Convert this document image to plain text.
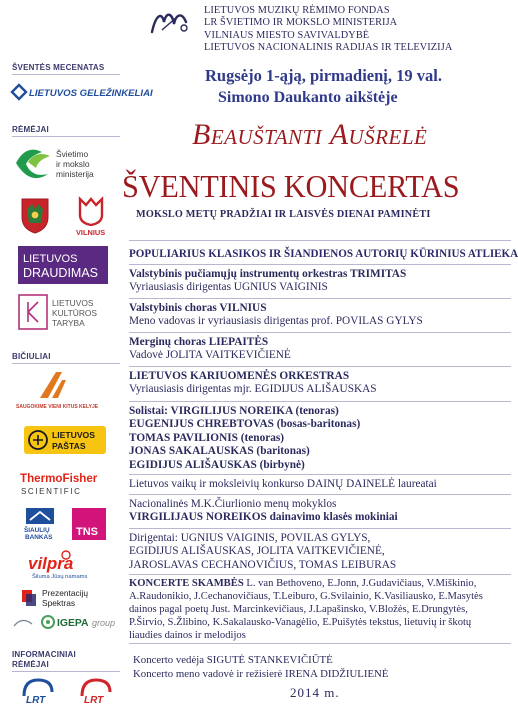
LIETUVOS MUZIKŲ RĖMIMO FONDAS
LR ŠVIETIMO IR MOKSLO MINISTERIJA
VILNIAUS MIESTO SAVIVALDYBĖ
LIETUVOS NACIONALINIS RADIJAS IR TELEVIZIJA
ŠVENTĖS MECENATAS
LIETUVOS GELEŽINKELIAI
RĖMĖJAI
Švietimo
ir mokslo
ministerija
VILNIUS
LIETUVOS
DRAUDIMAS
LIETUVOS
KULTŪROS
TARYBA
BIČIULIAI
SAUGOKIME VIENI KITUS KELYJE
LIETUVOS
PAŠTAS
ThermoFisher
SCIENTIFIC
ŠIAULIŲ
BANKAS TNS
vilpra
Šiluma Jūsų namams
Prezentacijų
Spektras
IGEPA group
INFORMACINIAI
RĖMĖJAI
LRT	LRT
Rugsėjo 1-ąją, pirmadienį, 19 val.
Simono Daukanto aikštėje
Beauštanti Aušrelė
ŠVENTINIS KONCERTAS
MOKSLO METŲ PRADŽIAI IR LAISVĖS DIENAI PAMINĖTI
POPULIARIUS KLASIKOS IR ŠIANDIENOS AUTORIŲ KŪRINIUS ATLIEKA
Valstybinis pučiamųjų instrumentų orkestras TRIMITAS
Vyriausiasis dirigentas UGNIUS VAIGINIS
Valstybinis choras VILNIUS
Meno vadovas ir vyriausiasis dirigentas prof. POVILAS GYLYS
Merginų choras LIEPAITĖS
Vadovė JOLITA VAITKEVIČIENĖ
LIETUVOS KARIUOMENĖS ORKESTRAS
Vyriausiasis dirigentas mjr. EGIDIJUS ALIŠAUSKAS
Solistai: VIRGILIJUS NOREIKA (tenoras)
EUGENIJUS CHREBTOVAS (bosas-baritonas)
TOMAS PAVILIONIS (tenoras)
JONAS SAKALAUSKAS (baritonas)
EGIDIJUS ALIŠAUSKAS (birbynė)
Lietuvos vaikų ir moksleivių konkurso DAINŲ DAINELĖ laureatai
Nacionalinės M.K.Čiurlionio menų mokyklos
VIRGILIJAUS NOREIKOS dainavimo klasės mokiniai
Dirigentai: UGNIUS VAIGINIS, POVILAS GYLYS,
EGIDIJUS ALIŠAUSKAS, JOLITA VAITKEVIČIENĖ,
JAROSLAVAS CECHANOVIČIUS, TOMAS LEIBURAS
KONCERTE SKAMBĖS L. van Bethoveno, E.Jonn, J.Gudavičiaus, V.Miškinio,
A.Raudonikio, J.Cechanovičiaus, T.Leiburo, G.Svilainio, K.Vasiliausko, E.Masytės
dainos pagal poetų Just. Marcinkevičiaus, J.Lapašinsko, V.Bložės, E.Drungytės,
P.Širvio, S.Žlibino, K.Sakalausko-Vanagėlio, E.Puišytės tekstus, lietuvių ir škotų
liaudies dainos ir melodijos
Koncerto vedėja SIGUTĖ STANKEVIČIŪTĖ
Koncerto meno vadovė ir režisierė IRENA DIDŽIULIENĖ
2014 m.
